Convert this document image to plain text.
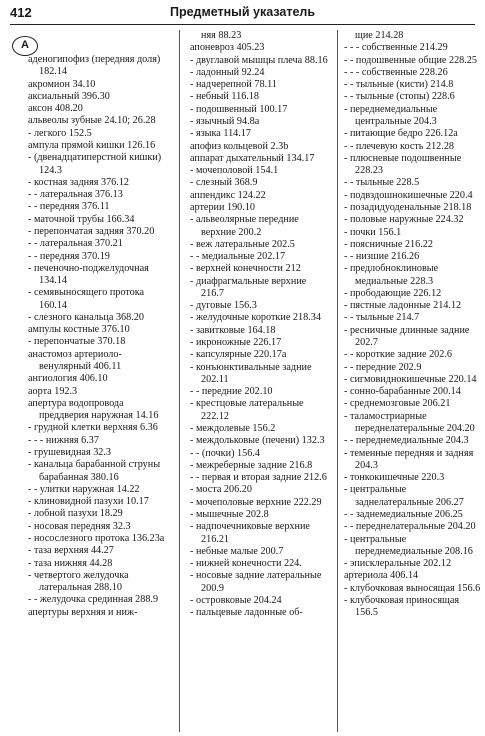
412	Предметный указатель
А

аденогипофиз (передняя доля) 182.14

акромион 34.10

аксиальный 396.30

аксон 408.20

альвеолы зубные 24.10; 26.28

- легкого 152.5

ампула прямой кишки 126.16

- (двенадцатиперстной кишки) 124.3

- костная задняя 376.12

- - латеральная 376.13

- - передняя 376.11

- маточной трубы 166.34

- перепончатая задняя 370.20

- - латеральная 370.21

- - передняя 370.19

- печеночно-поджелудочная 134.14

- семявыносящего протока 160.14

- слезного канальца 368.20

ампулы костные 376.10

- перепончатые 370.18

анастомоз артериоло-венулярный 406.11

ангиология 406.10

аорта 192.3

апертура водопровода преддверия наружная 14.16

- грудной клетки верхняя 6.36

- - - нижняя 6.37

- грушевидная 32.3

- канальца барабанной струны барабанная 380.16

- - улитки наружная 14.22

- клиновидной пазухи 10.17

- лобной пазухи 18.29

- носовая передняя 32.3

- носослезного протока 136.23а

- таза верхняя 44.27

- таза нижняя 44.28

- четвертого желудочка латеральная 288.10

- - желудочка срединная 288.9

апертуры верхняя и ниж-

няя 88.23

апоневроз 405.23

- двуглавой мышцы плеча 88.16

- ладонный 92.24

- надчерепной 78.11

- небный 116.18

- подошвенный 100.17

- язычный 94.8а

- языка 114.17

апофиз кольцевой 2.3b

аппарат дыхательный 134.17

- мочеполовой 154.1

- слезный 368.9

аппендикс 124.22

артерии 190.10

- альвеолярные передние верхние 200.2

- веж латеральные 202.5

- - медиальные 202.17

- верхней конечности 212

- диафрагмальные верхние 216.7

- дуговые 156.3

- желудочные короткие 218.34

- завитковые 164.18

- икроножные 226.17

- капсулярные 220.17а

- конъюнктивальные задние 202.11

- - передние 202.10

- крестцовые латеральные 222.12

- междолевые 156.2

- междольковые (печени) 132.3

- - (почки) 156.4

- межреберные задние 216.8

- - первая и вторая задние 212.6

- моста 206.20

- мочеполовые верхние 222.29

- мышечные 202.8

- надпочечниковые верхние 216.21

- небные малые 200.7

- нижней конечности 224.

- носовые задние латеральные 200.9

- островковые 204.24

- пальцевые ладонные об-

щие 214.28

- - - собственные 214.29

- - подошвенные общие 228.25

- - - собственные 228.26

- - тыльные (кисти) 214.8

- - тыльные (стопы) 228.6

- переднемедиальные центральные 204.3

- питающие бедро 226.12а

- - плечевую кость 212.28

- плюсневые подошвенные 228.23

- - тыльные 228.5

- подвздошнокишечные 220.4

- позадидуоденальные 218.18

- половые наружные 224.32

- почки 156.1

- поясничные 216.22

- - низшие 216.26

- предлобноклиновые медиальные 228.3

- прободающие 226.12

- пястные ладонные 214.12

- - тыльные 214.7

- ресничные длинные задние 202.7

- - короткие задние 202.6

- - передние 202.9

- сигмовиднокишечные 220.14

- сонно-барабанные 200.14

- среднемозговые 206.21

- таламостриарные переднелатеральные 204.20

- - переднемедиальные 204.3

- теменные передняя и задняя 204.3

- тонкокишечные 220.3

- центральные заднелатеральные 206.27

- - заднемедиальные 206.25

- - переднелатеральные 204.20

- центральные переднемедиальные 208.16

- эписклеральные 202.12

артериола 406.14

- клубочковая выносящая 156.6

- клубочковая приносящая 156.5
